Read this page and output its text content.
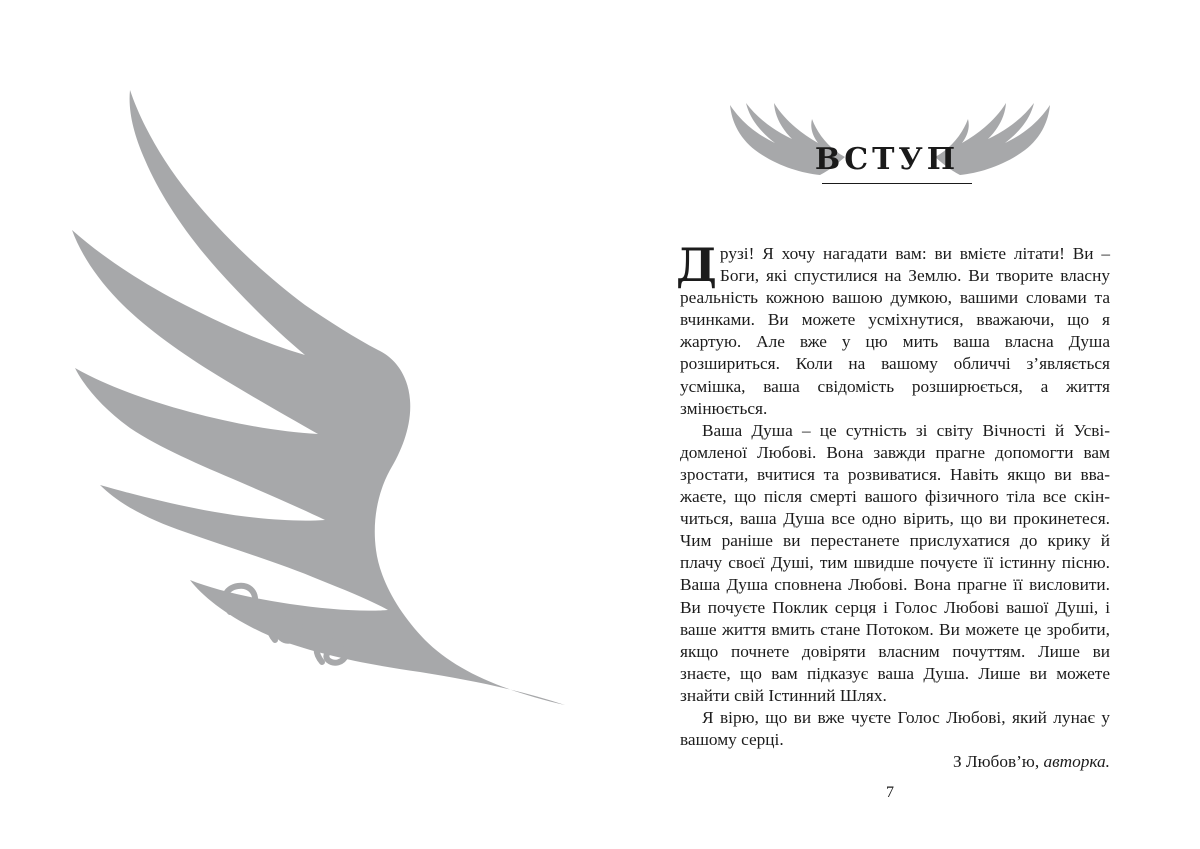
ВСТУП

Друзі! Я хочу нагадати вам: ви вмієте літати! Ви – Боги, які спустилися на Землю. Ви творите власну реальність кожною вашою думкою, вашими словами та вчинками. Ви можете усміхнутися, вважаючи, що я жартую. Але вже у цю мить ваша власна Душа розшириться. Коли на вашому обличчі з’являється усмішка, ваша свідомість розширюється, а життя змінюється.

Ваша Душа – це сутність зі світу Вічності й Усвідомленої Любові. Вона завжди прагне допомогти вам зростати, вчитися та розвиватися. Навіть якщо ви вважаєте, що після смерті вашого фізичного тіла все скінчиться, ваша Душа все одно вірить, що ви прокинетеся. Чим раніше ви перестанете прислухатися до крику й плачу своєї Душі, тим швидше почуєте її істинну пісню. Ваша Душа сповнена Любові. Вона прагне її висловити. Ви почуєте Поклик серця і Голос Любові вашої Душі, і ваше життя вмить стане Потоком. Ви можете це зробити, якщо почнете довіряти власним почуттям. Лише ви знаєте, що вам підказує ваша Душа. Лише ви можете знайти свій Істинний Шлях.

Я вірю, що ви вже чуєте Голос Любові, який лунає у вашому серці.

З Любов’ю, авторка.

7
